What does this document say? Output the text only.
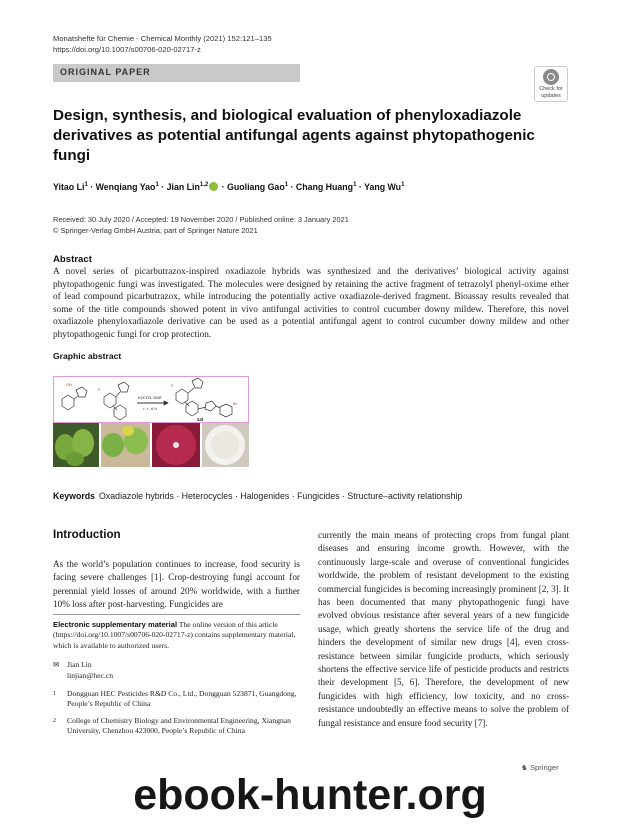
Monatshefte für Chemie - Chemical Monthly (2021) 152:121–135
https://doi.org/10.1007/s00706-020-02717-z
ORIGINAL PAPER
Check for
updates
Design, synthesis, and biological evaluation of phenyloxadiazole derivatives as potential antifungal agents against phytopathogenic fungi
Yitao $Li^1$ · Wenqiang Yao$^1$ · Jian Lin$^{1,2}$ · Guoliang Gao$^1$ · Chang Huang$^1$ · Yang Wu$^1$
Received: 30 July 2020 / Accepted: 19 November 2020 / Published online: 3 January 2021
© Springer-Verlag GmbH Austria, part of Springer Nature 2021
Abstract
A novel series of picarbutrazox-inspired oxadiazole hybrids was synthesized and the derivatives’ biological activity against phytopathogenic fungi was investigated. The molecules were designed by retaining the active fragment of tetrazolyl phenyl-oxime ether of lead compound picarbutrazox, while introducing the potentially active oxadiazole-derived fragment. Bioassay results revealed that some of the title compounds showed potent in vivo antifungal activities to control cucumber downy mildew. Therefore, this novel oxadiazole phenyloxadiazole derivative can be used as a potential antifungal agent to control cucumber downy mildew and other phytopathogenic fungi for crop protection.
Graphic abstract
OH
F
F
Br
K2CO3, DMF
r. t., 6 h
14l
Keywords Oxadiazole hybrids · Heterocycles · Halogenides · Fungicides · Structure–activity relationship
Introduction
As the world’s population continues to increase, food security is facing severe challenges [1]. Crop-destroying fungi account for perennial yield losses of around 20% worldwide, with a further 10% loss after post-harvesting. Fungicides are
currently the main means of protecting crops from fungal plant diseases and ensuring income growth. However, with the continuously large-scale and overuse of conventional fungicides worldwide, the problem of resistant development to the existing commercial fungicides is becoming increasingly prominent [2, 3]. It has been documented that many phytopathogenic fungi have evolved obvious resistance after several years of a new fungicide usage, which greatly shortens the service life of the drug and hinders the development of similar new drugs [4], even cross-resistance between similar fungicide products, which seriously shortens the effective service life of pesticide products and restricts their development [5, 6]. Therefore, the development of new fungicides with high efficiency, low toxicity, and no cross-resistance undoubtedly an effective means to solve the problem of fungal resistance and ensure food security [7].
Electronic supplementary material The online version of this article (https://doi.org/10.1007/s00706-020-02717-z) contains supplementary material, which is available to authorized users.
✉ Jian Lin
linjian@hec.cn
1 Dongguan HEC Pesticides R&D Co., Ltd., Dongguan 523871, Guangdong, People’s Republic of China
2 College of Chemistry Biology and Environmental Engineering, Xiangnan University, Chenzhou 423000, People’s Republic of China
♞ Springer
ebook-hunter.org
